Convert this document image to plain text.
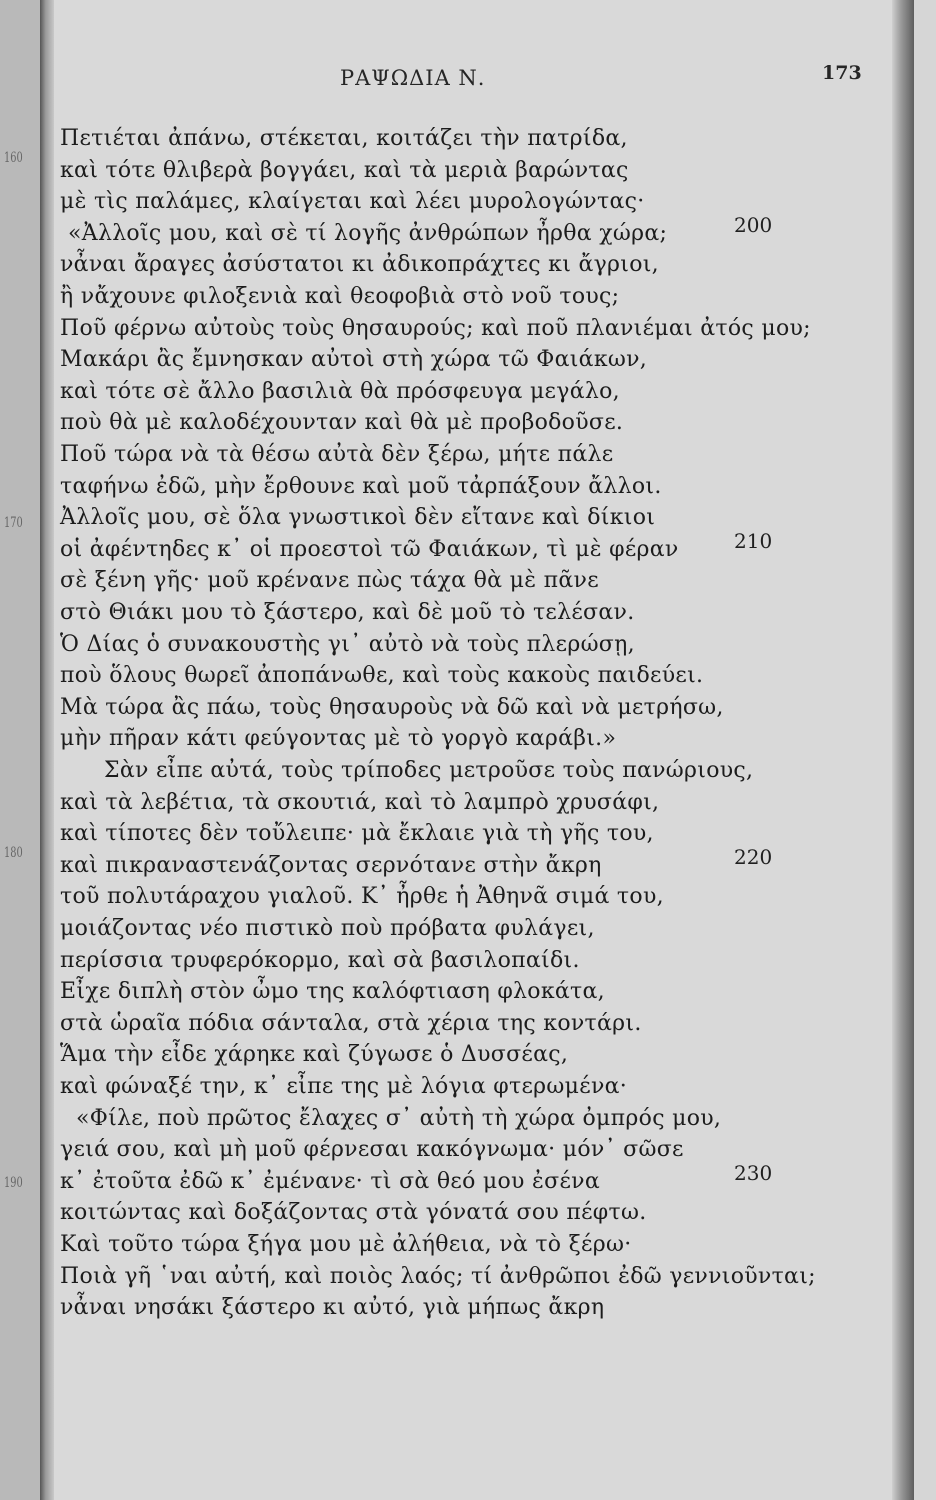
160
170
180
190
ΡΑΨΩΔΙΑ Ν.	173
Πετιέται ἀπάνω, στέκεται, κοιτάζει τὴν πατρίδα,
καὶ τότε θλιβερὰ βογγάει, καὶ τὰ μεριὰ βαρώντας
μὲ τὶς παλάμες, κλαίγεται καὶ λέει μυρολογώντας·
«Ἀλλοῖς μου, καὶ σὲ τί λογῆς ἀνθρώπων ἦρθα χώρα;
νἆναι ἄραγες ἀσύστατοι κι ἀδικοπράχτες κι ἄγριοι,
ἢ νἄχουνε φιλοξενιὰ καὶ θεοφοβιὰ στὸ νοῦ τους;
Ποῦ φέρνω αὐτοὺς τοὺς θησαυρούς; καὶ ποῦ πλανιέμαι ἀτός μου;
Μακάρι ἂς ἔμνησκαν αὐτοὶ στὴ χώρα τῶ Φαιάκων,
καὶ τότε σὲ ἄλλο βασιλιὰ θὰ πρόσφευγα μεγάλο,
ποὺ θὰ μὲ καλοδέχουνταν καὶ θὰ μὲ προβοδοῦσε.
Ποῦ τώρα νὰ τὰ θέσω αὐτὰ δὲν ξέρω, μήτε πάλε
ταφήνω ἐδῶ, μὴν ἔρθουνε καὶ μοῦ τἀρπάξουν ἄλλοι.
Ἀλλοῖς μου, σὲ ὅλα γνωστικοὶ δὲν εἴτανε καὶ δίκιοι
οἱ ἀφέντηδες κ᾿ οἱ προεστοὶ τῶ Φαιάκων, τὶ μὲ φέραν
σὲ ξένη γῆς· μοῦ κρένανε πὼς τάχα θὰ μὲ πᾶνε
στὸ Θιάκι μου τὸ ξάστερο, καὶ δὲ μοῦ τὸ τελέσαν.
Ὁ Δίας ὁ συνακουστὴς γι᾿ αὐτὸ νὰ τοὺς πλερώσῃ,
ποὺ ὅλους θωρεῖ ἀποπάνωθε, καὶ τοὺς κακοὺς παιδεύει.
Μὰ τώρα ἂς πάω, τοὺς θησαυροὺς νὰ δῶ καὶ νὰ μετρήσω,
μὴν πῆραν κάτι φεύγοντας μὲ τὸ γοργὸ καράβι.»
Σὰν εἶπε αὐτά, τοὺς τρίποδες μετροῦσε τοὺς πανώριους,
καὶ τὰ λεβέτια, τὰ σκουτιά, καὶ τὸ λαμπρὸ χρυσάφι,
καὶ τίποτες δὲν τοὔλειπε· μὰ ἔκλαιε γιὰ τὴ γῆς του,
καὶ πικραναστενάζοντας σερνότανε στὴν ἄκρη
τοῦ πολυτάραχου γιαλοῦ. Κ᾿ ἦρθε ἡ Ἀθηνᾶ σιμά του,
μοιάζοντας νέο πιστικὸ ποὺ πρόβατα φυλάγει,
περίσσια τρυφερόκορμο, καὶ σὰ βασιλοπαίδι.
Εἶχε διπλὴ στὸν ὦμο της καλόφτιαση φλοκάτα,
στὰ ὡραῖα πόδια σάνταλα, στὰ χέρια της κοντάρι.
Ἅμα τὴν εἶδε χάρηκε καὶ ζύγωσε ὁ Δυσσέας,
καὶ φώναξέ την, κ᾿ εἶπε της μὲ λόγια φτερωμένα·
«Φίλε, ποὺ πρῶτος ἔλαχες σ᾿ αὐτὴ τὴ χώρα ὀμπρός μου,
γειά σου, καὶ μὴ μοῦ φέρνεσαι κακόγνωμα· μόν᾿ σῶσε
κ᾿ ἐτοῦτα ἐδῶ κ᾿ ἐμένανε· τὶ σὰ θεό μου ἐσένα
κοιτώντας καὶ δοξάζοντας στὰ γόνατά σου πέφτω.
Καὶ τοῦτο τώρα ξήγα μου μὲ ἀλήθεια, νὰ τὸ ξέρω·
Ποιὰ γῆ ῾ναι αὐτή, καὶ ποιὸς λαός; τί ἀνθρῶποι ἐδῶ γεννιοῦνται;
νἆναι νησάκι ξάστερο κι αὐτό, γιὰ μήπως ἄκρη
200
210
220
230
